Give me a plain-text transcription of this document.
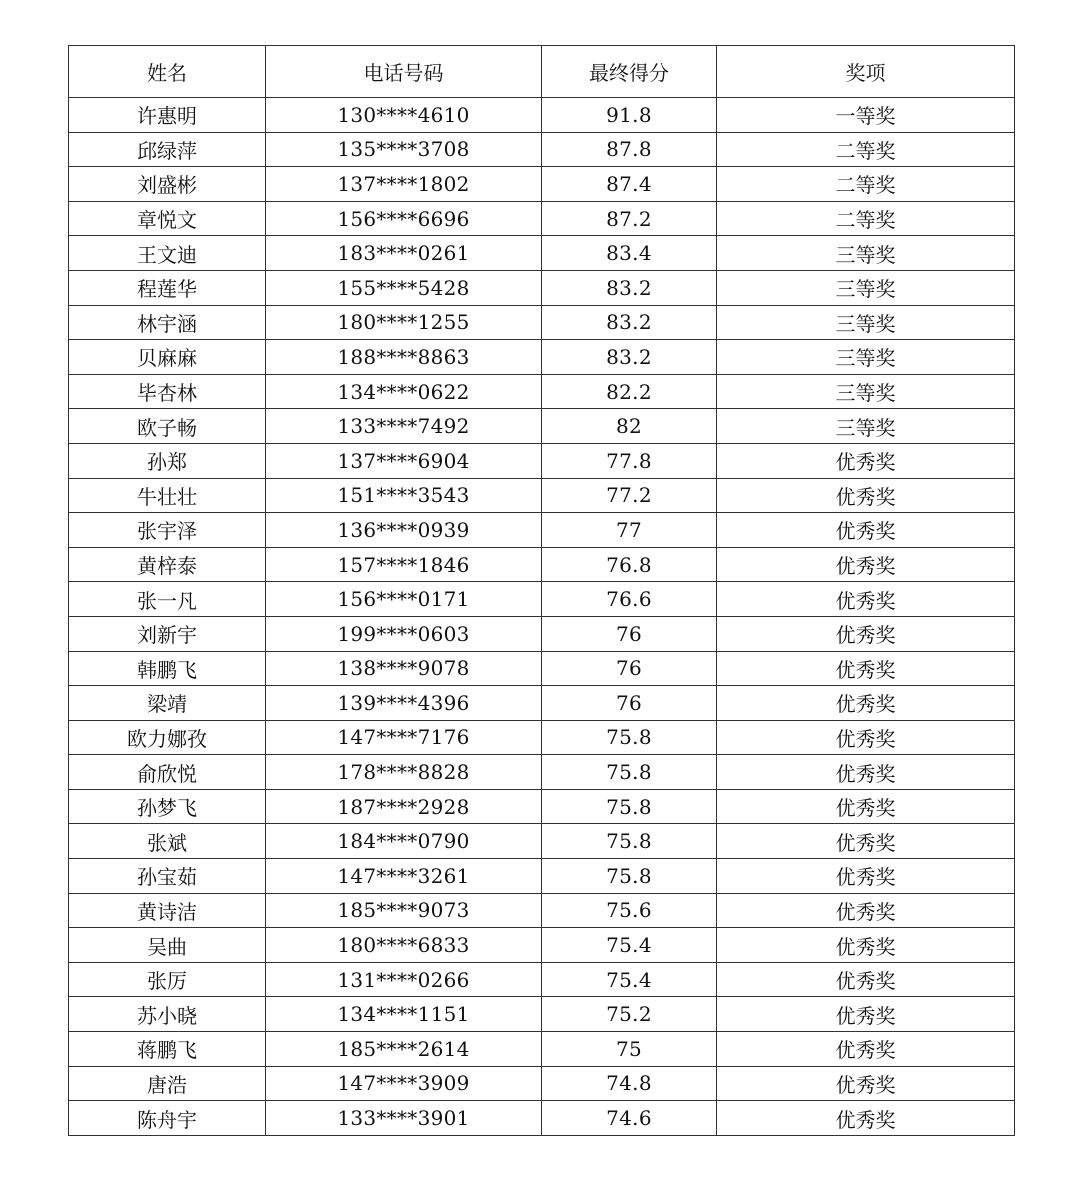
姓名	电话号码	最终得分	奖项
许惠明	130****4610	91.8	一等奖
邱绿萍	135****3708	87.8	二等奖
刘盛彬	137****1802	87.4	二等奖
章悦文	156****6696	87.2	二等奖
王文迪	183****0261	83.4	三等奖
程莲华	155****5428	83.2	三等奖
林宇涵	180****1255	83.2	三等奖
贝麻麻	188****8863	83.2	三等奖
毕杏林	134****0622	82.2	三等奖
欧子畅	133****7492	82	三等奖
孙郑	137****6904	77.8	优秀奖
牛壮壮	151****3543	77.2	优秀奖
张宇泽	136****0939	77	优秀奖
黄梓泰	157****1846	76.8	优秀奖
张一凡	156****0171	76.6	优秀奖
刘新宇	199****0603	76	优秀奖
韩鹏飞	138****9078	76	优秀奖
梁靖	139****4396	76	优秀奖
欧力娜孜	147****7176	75.8	优秀奖
俞欣悦	178****8828	75.8	优秀奖
孙梦飞	187****2928	75.8	优秀奖
张斌	184****0790	75.8	优秀奖
孙宝茹	147****3261	75.8	优秀奖
黄诗洁	185****9073	75.6	优秀奖
吴曲	180****6833	75.4	优秀奖
张厉	131****0266	75.4	优秀奖
苏小晓	134****1151	75.2	优秀奖
蒋鹏飞	185****2614	75	优秀奖
唐浩	147****3909	74.8	优秀奖
陈舟宇	133****3901	74.6	优秀奖
